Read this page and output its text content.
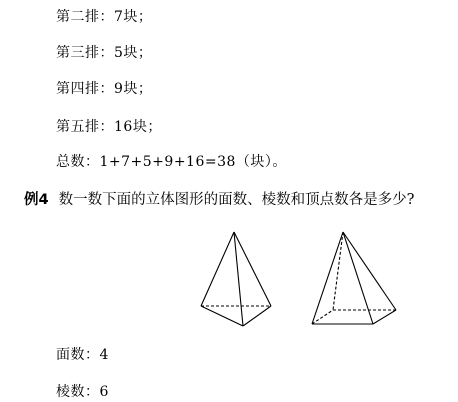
第二排：7块；
第三排：5块；
第四排：9块；
第五排：16块；
总数：1+7+5+9+16=38（块）。
例4 数一数下面的立体图形的面数、棱数和顶点数各是多少?
面数：4
棱数：6
